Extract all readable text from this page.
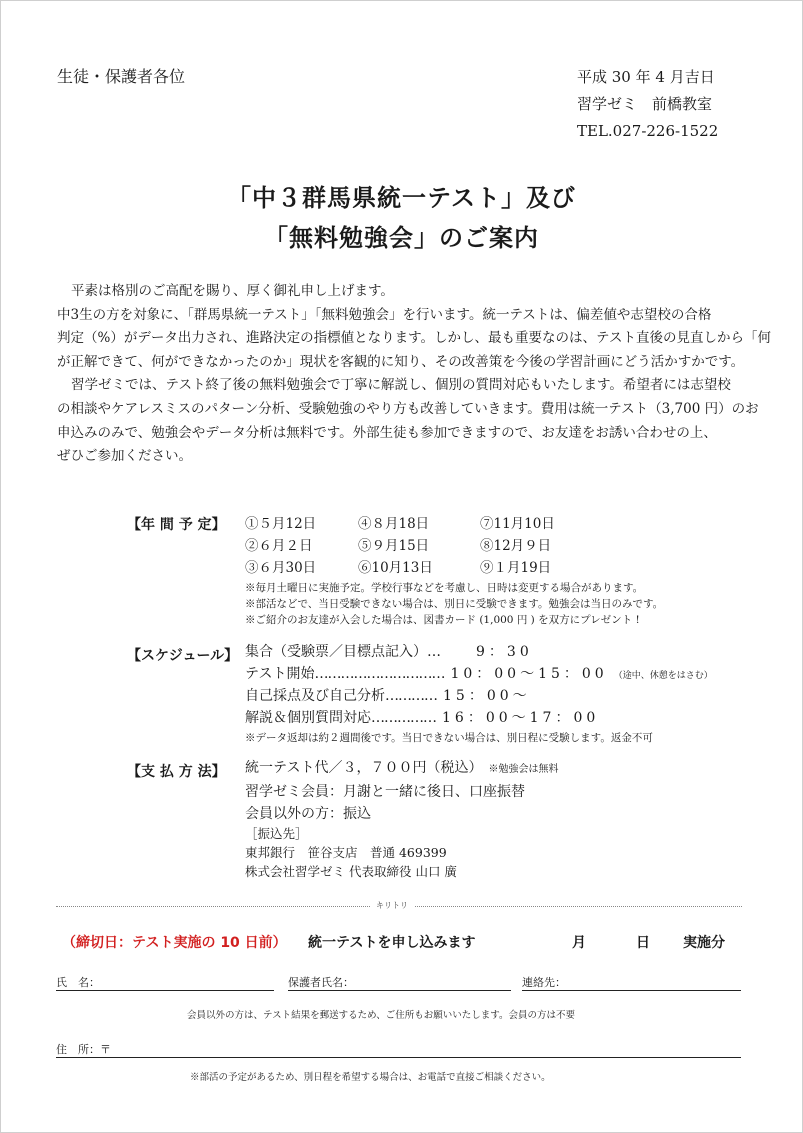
生徒・保護者各位	平成 30 年 4 月吉日
習学ゼミ　前橋教室
TEL.027-226-1522
「中３群馬県統一テスト」及び
「無料勉強会」のご案内

平素は格別のご高配を賜り、厚く御礼申し上げます。

中3生の方を対象に、「群馬県統一テスト」「無料勉強会」を行います。統一テストは、偏差値や志望校の合格

判定（%）がデータ出力され、進路決定の指標値となります。しかし、最も重要なのは、テスト直後の見直しから「何

が正解できて、何ができなかったのか」現状を客観的に知り、その改善策を今後の学習計画にどう活かすかです。

習学ゼミでは、テスト終了後の無料勉強会で丁寧に解説し、個別の質問対応もいたします。希望者には志望校

の相談やケアレスミスのパターン分析、受験勉強のやり方も改善していきます。費用は統一テスト（3,700 円）のお

申込みのみで、勉強会やデータ分析は無料です。外部生徒も参加できますので、お友達をお誘い合わせの上、

ぜひご参加ください。

【年 間 予 定】 ①５月12日	④８月18日	⑦11月10日
②６月２日	⑤９月15日	⑧12月９日
③６月30日	⑥10月13日	⑨１月19日
※毎月土曜日に実施予定。学校行事などを考慮し、日時は変更する場合があります。
※部活などで、当日受験できない場合は、別日に受験できます。勉強会は当日のみです。
※ご紹介のお友達が入会した場合は、図書カード (1,000 円 ) を双方にプレゼント !
【スケジュール】 集合（受験票／目標点記入）…　9：30
テスト開始………………………… 10：00～15：00 （途中、休憩をはさむ）
自己採点及び自己分析………… 15：00～
解説＆個別質問対応…………… 16：00～17：00
※データ返却は約２週間後です。当日できない場合は、別日程に受験します。返金不可
【支 払 方 法】 統一テスト代／３，７００円（税込） ※勉強会は無料
習学ゼミ会員：月謝と一緒に後日、口座振替
会員以外の方：振込
［振込先］
東邦銀行　笹谷支店　普通 469399
株式会社習学ゼミ 代表取締役 山口 廣
キリトリ
（締切日：テスト実施の 10 日前） 統一テストを申し込みます	月	日 実施分
氏　名：	保護者氏名：	連絡先：
会員以外の方は、テスト結果を郵送するため、ご住所もお願いいたします。会員の方は不要
住　所：〒
※部活の予定があるため、別日程を希望する場合は、お電話で直接ご相談ください。
